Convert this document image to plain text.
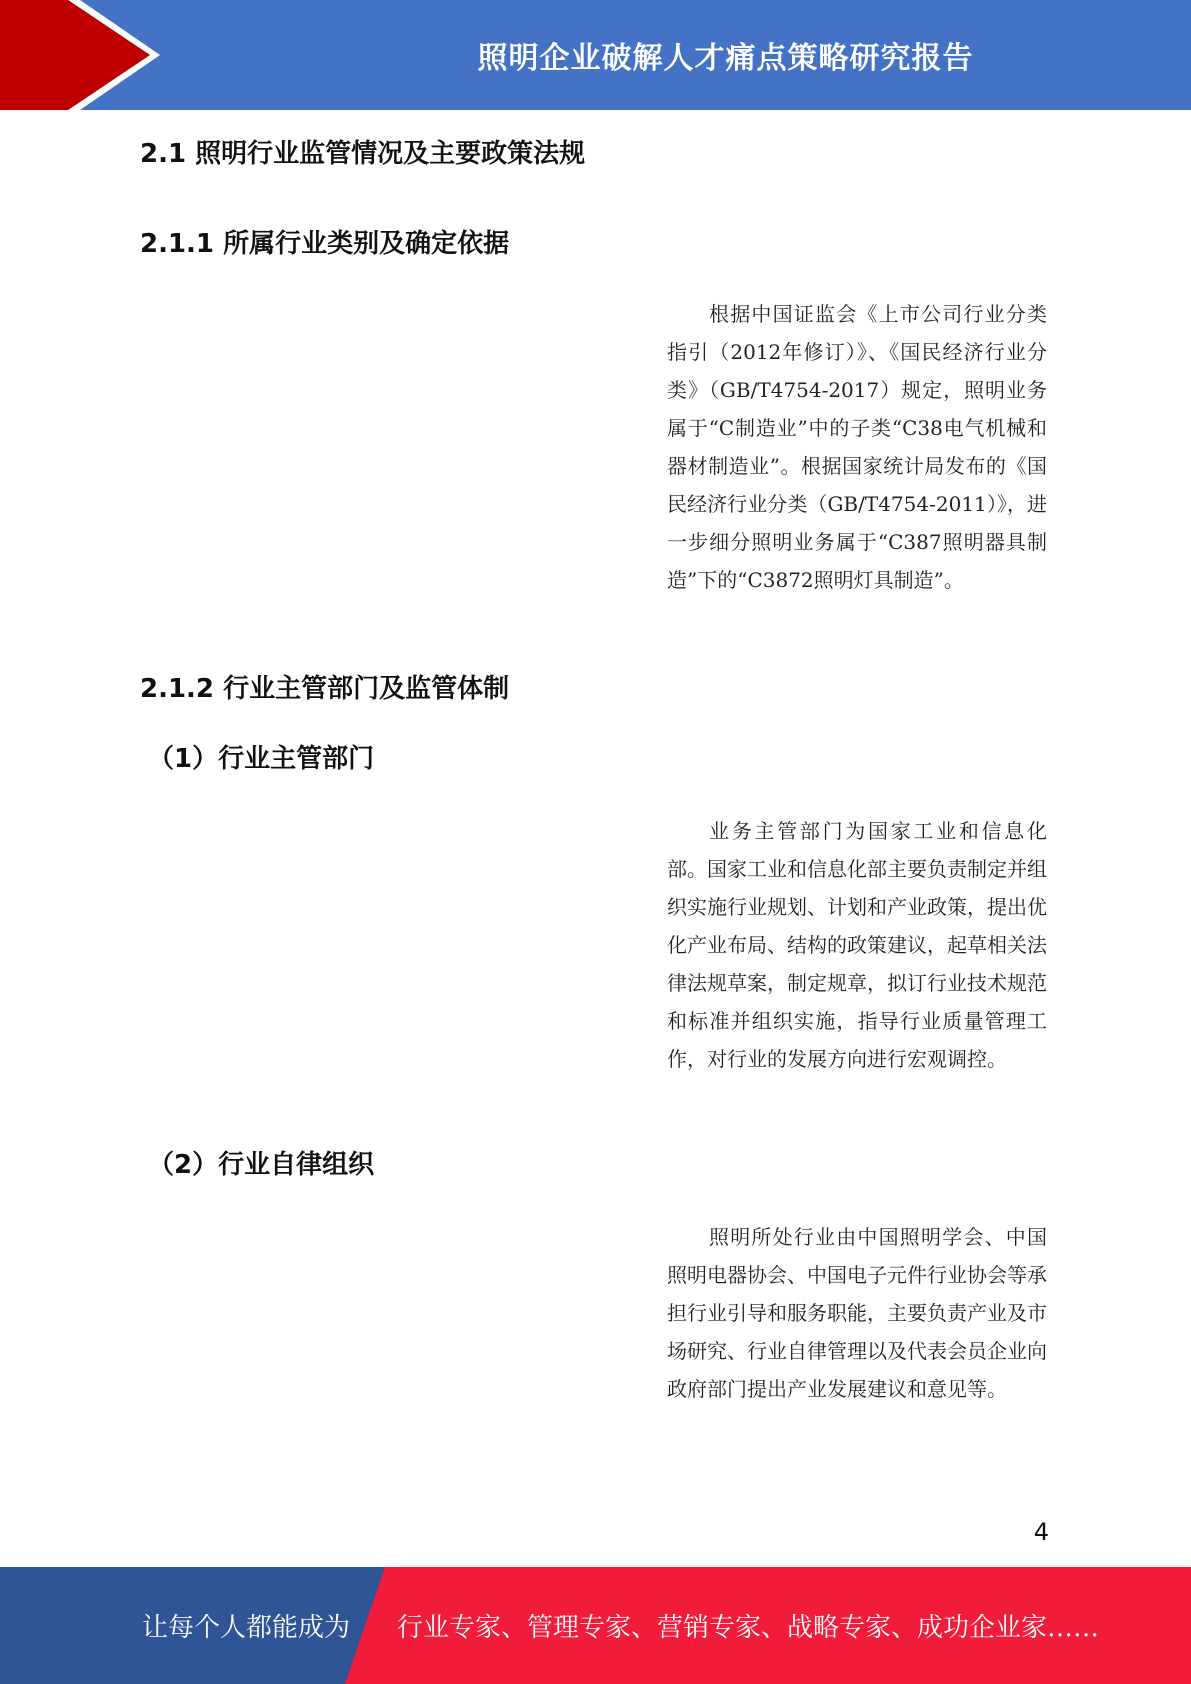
照明企业破解人才痛点策略研究报告
2.1 照明行业监管情况及主要政策法规
2.1.1 所属行业类别及确定依据

根据中国证监会《上市公司行业分类指引（2012年修订）》、《国民经济行业分类》（GB/T4754-2017）规定，照明业务属于“C制造业”中的子类“C38电气机械和器材制造业”。根据国家统计局发布的《国民经济行业分类（GB/T4754-2011）》，进一步细分照明业务属于“C387照明器具制造”下的“C3872照明灯具制造”。

2.1.2 行业主管部门及监管体制
（1）行业主管部门

业务主管部门为国家工业和信息化部。国家工业和信息化部主要负责制定并组织实施行业规划、计划和产业政策，提出优化产业布局、结构的政策建议，起草相关法律法规草案，制定规章，拟订行业技术规范和标准并组织实施，指导行业质量管理工作，对行业的发展方向进行宏观调控。

（2）行业自律组织

照明所处行业由中国照明学会、中国照明电器协会、中国电子元件行业协会等承担行业引导和服务职能，主要负责产业及市场研究、行业自律管理以及代表会员企业向政府部门提出产业发展建议和意见等。

4
让每个人都能成为 行业专家、管理专家、营销专家、战略专家、成功企业家……
